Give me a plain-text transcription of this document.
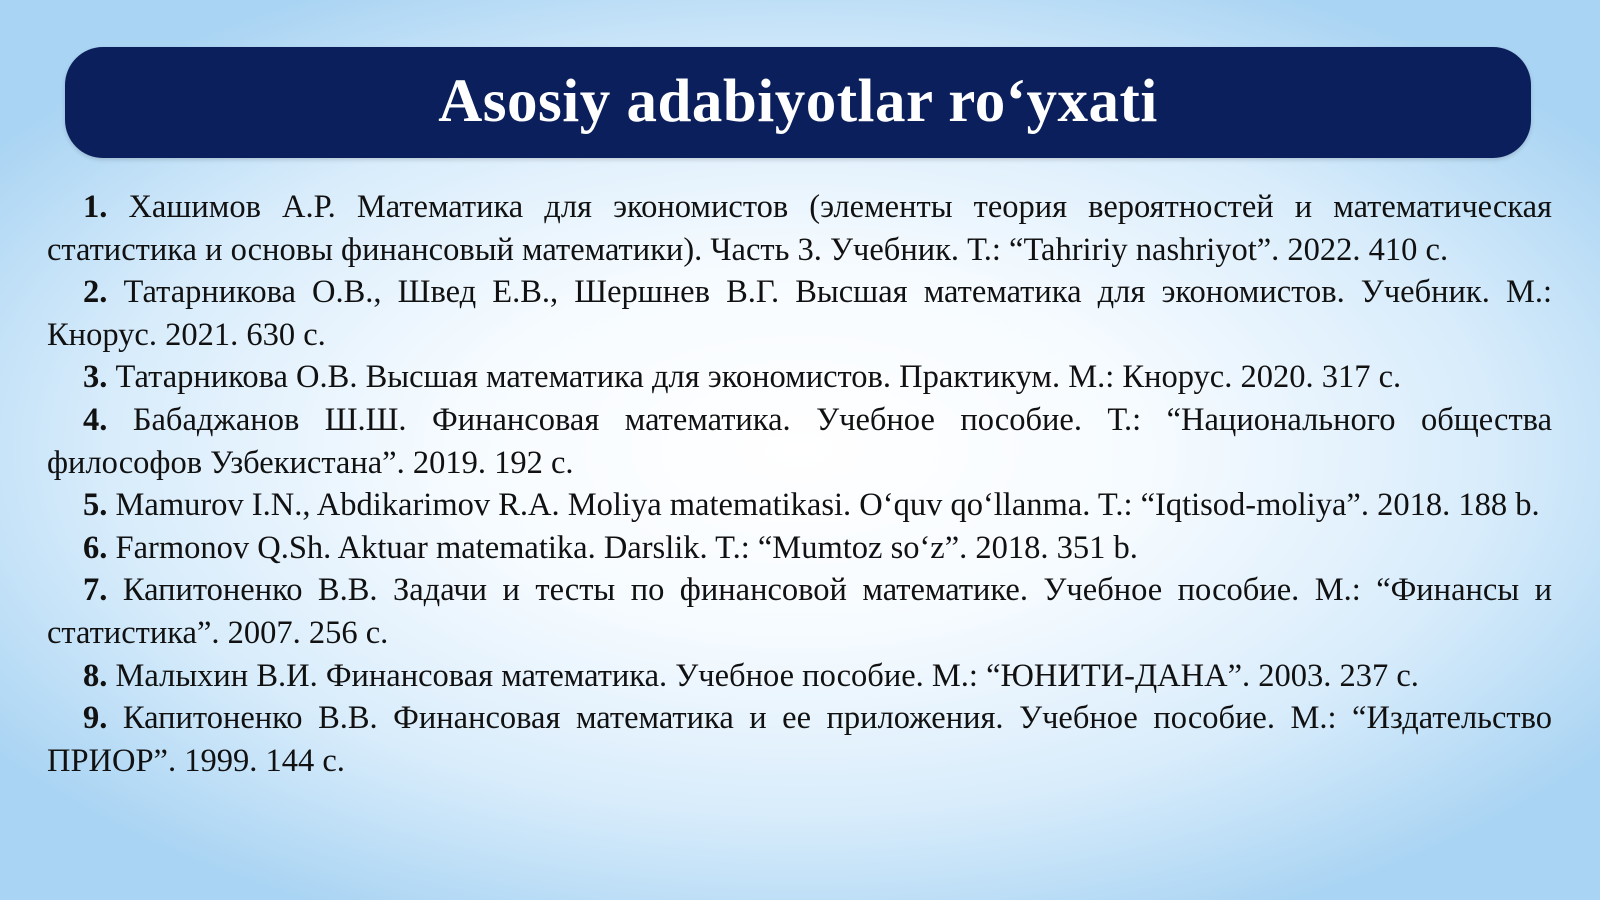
Asosiy adabiyotlar ro‘yxati
1. Хашимов А.Р. Математика для экономистов (элементы теория вероятностей и математическая статистика и основы финансовый математики). Часть 3. Учебник. Т.: “Tahririy nashriyot”. 2022. 410 с.
2. Татарникова О.В., Швед Е.В., Шершнев В.Г. Высшая математика для экономистов. Учебник. М.: Кнорус. 2021. 630 с.
3. Татарникова О.В. Высшая математика для экономистов. Практикум. М.: Кнорус. 2020. 317 с.
4. Бабаджанов Ш.Ш. Финансовая математика. Учебное пособие. Т.: “Национального общества философов Узбекистана”. 2019. 192 с.
5. Mamurov I.N., Abdikarimov R.A. Moliya matematikasi. O‘quv qo‘llanma. T.: “Iqtisod-moliya”. 2018. 188 b.
6. Farmonov Q.Sh. Aktuar matematika. Darslik. T.: “Mumtoz so‘z”. 2018. 351 b.
7. Капитоненко В.В. Задачи и тесты по финансовой математике. Учебное пособие. М.: “Финансы и статистика”. 2007. 256 с.
8. Малыхин В.И. Финансовая математика. Учебное пособие. М.: “ЮНИТИ-ДАНА”. 2003. 237 с.
9. Капитоненко В.В. Финансовая математика и ее приложения. Учебное пособие. М.: “Издательство ПРИОР”. 1999. 144 с.
